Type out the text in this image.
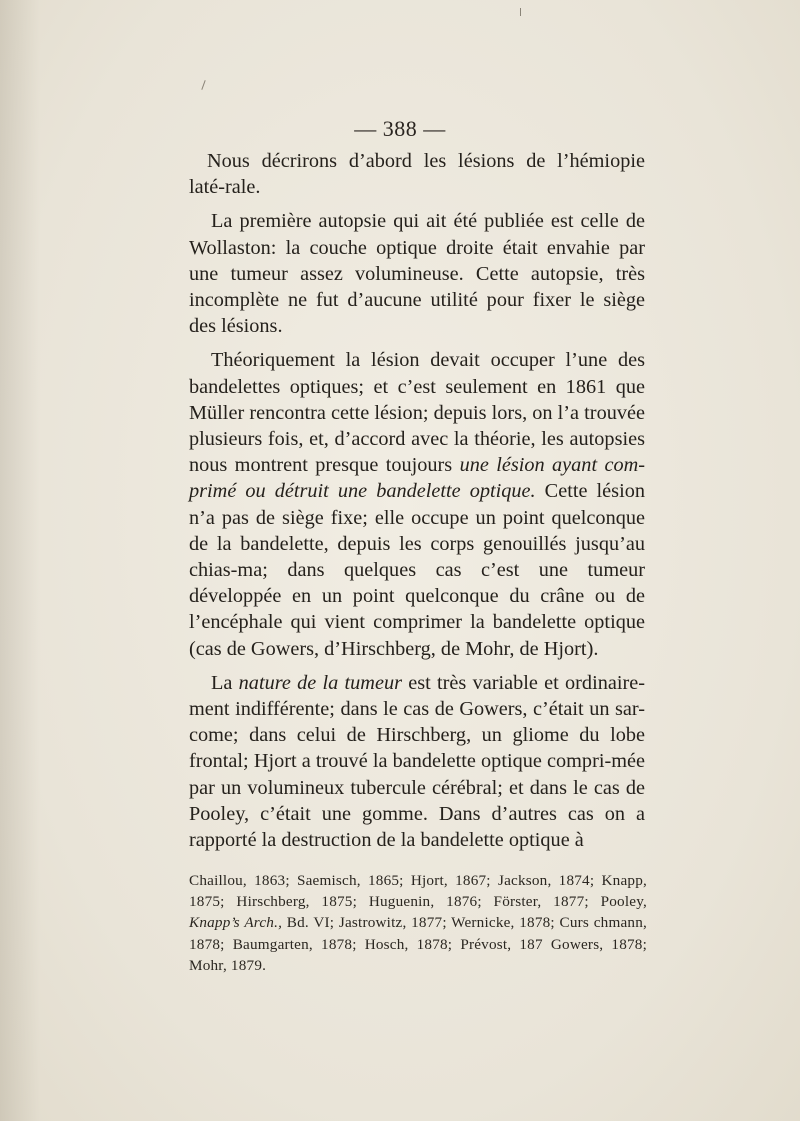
— 388 —

Nous décrirons d’abord les lésions de l’hémiopie laté-rale.

La première autopsie qui ait été publiée est celle de Wollaston: la couche optique droite était envahie par une tumeur assez volumineuse. Cette autopsie, très incomplète ne fut d’aucune utilité pour fixer le siège des lésions.

Théoriquement la lésion devait occuper l’une des bandelettes optiques; et c’est seulement en 1861 que Müller rencontra cette lésion; depuis lors, on l’a trouvée plusieurs fois, et, d’accord avec la théorie, les autopsies nous montrent presque toujours une lésion ayant com-primé ou détruit une bandelette optique. Cette lésion n’a pas de siège fixe; elle occupe un point quelconque de la bandelette, depuis les corps genouillés jusqu’au chias-ma; dans quelques cas c’est une tumeur développée en un point quelconque du crâne ou de l’encéphale qui vient comprimer la bandelette optique (cas de Gowers, d’Hirschberg, de Mohr, de Hjort).

La nature de la tumeur est très variable et ordinaire-ment indifférente; dans le cas de Gowers, c’était un sar-come; dans celui de Hirschberg, un gliome du lobe frontal; Hjort a trouvé la bandelette optique compri-mée par un volumineux tubercule cérébral; et dans le cas de Pooley, c’était une gomme. Dans d’autres cas on a rapporté la destruction de la bandelette optique à

Chaillou, 1863; Saemisch, 1865; Hjort, 1867; Jackson, 1874; Knapp, 1875; Hirschberg, 1875; Huguenin, 1876; Förster, 1877; Pooley, Knapp’s Arch., Bd. VI; Jastrowitz, 1877; Wernicke, 1878; Curs chmann, 1878; Baumgarten, 1878; Hosch, 1878; Prévost, 187 Gowers, 1878; Mohr, 1879.
